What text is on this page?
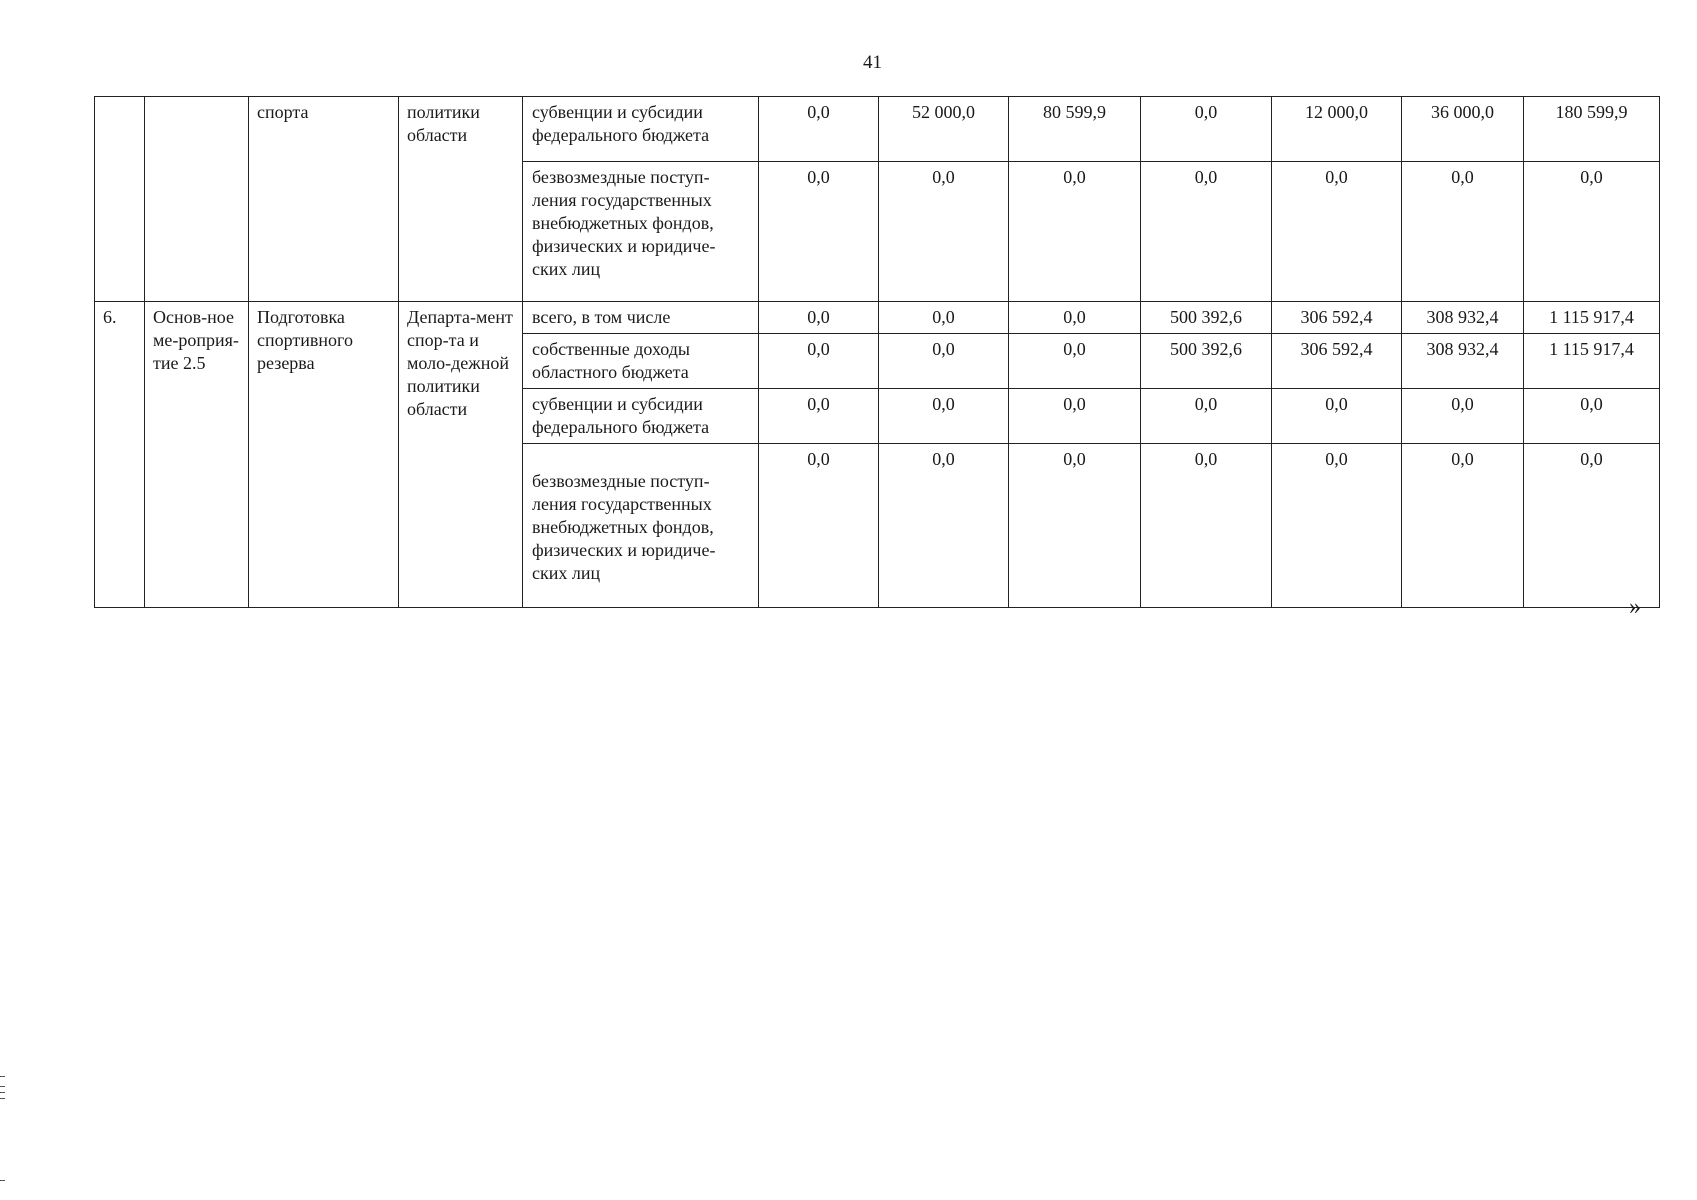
41
		спорта	политики области	субвенции и субсидии федерального бюджета	0,0	52 000,0	80 599,9	0,0	12 000,0	36 000,0	180 599,9
				безвозмездные поступ-ления государственных внебюджетных фондов, физических и юридиче-ских лиц	0,0	0,0	0,0	0,0	0,0	0,0	0,0
6.	Основ-ное ме-роприя-тие 2.5	Подготовка спортивного резерва	Департа-мент спор-та и моло-дежной политики области	всего, в том числе	0,0	0,0	0,0	500 392,6	306 592,4	308 932,4	1 115 917,4
				собственные доходы областного бюджета	0,0	0,0	0,0	500 392,6	306 592,4	308 932,4	1 115 917,4
				субвенции и субсидии федерального бюджета	0,0	0,0	0,0	0,0	0,0	0,0	0,0
				безвозмездные поступ-ления государственных внебюджетных фондов, физических и юридиче-ских лиц	0,0	0,0	0,0	0,0	0,0	0,0	0,0
»
